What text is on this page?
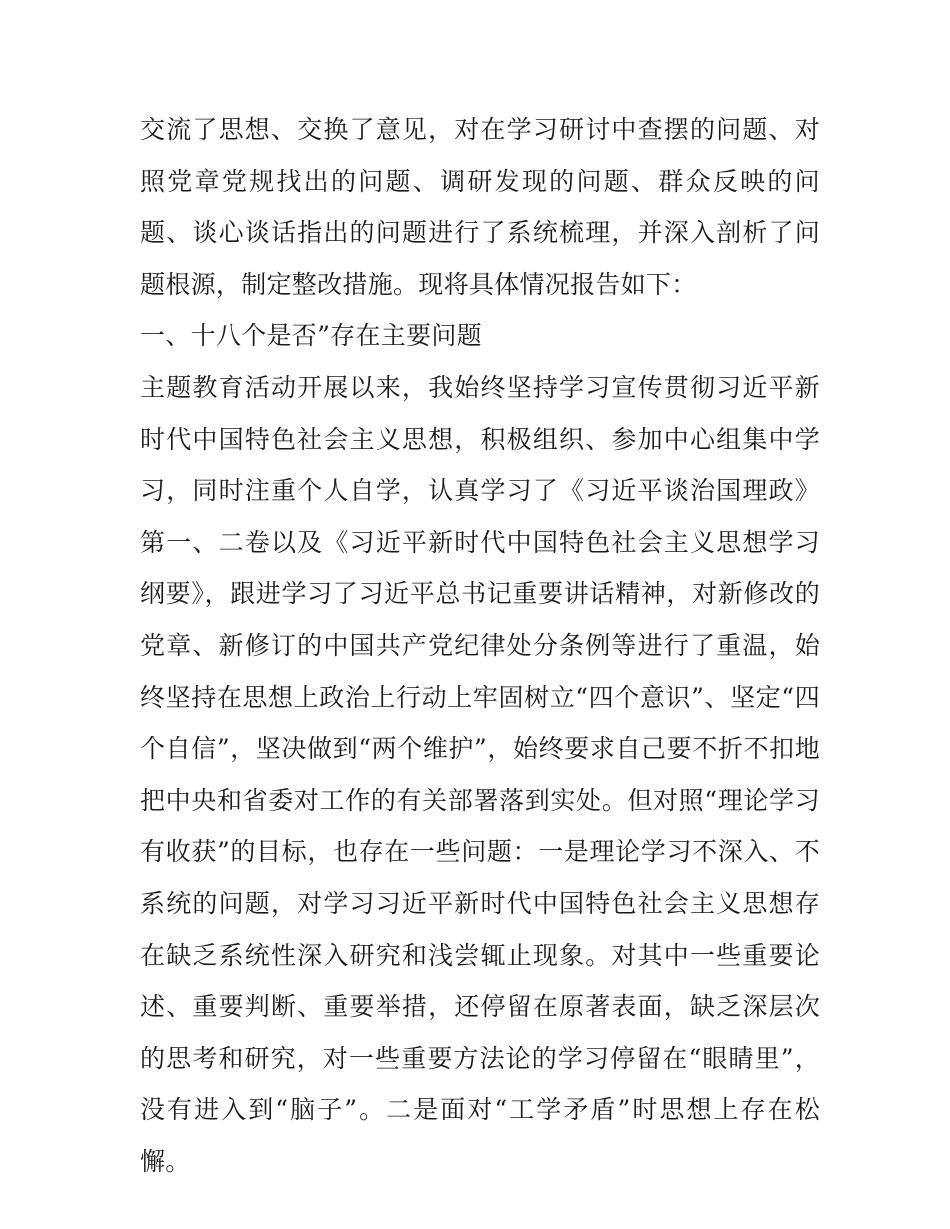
交流了思想、交换了意见，对在学习研讨中查摆的问题、对照党章党规找出的问题、调研发现的问题、群众反映的问题、谈心谈话指出的问题进行了系统梳理，并深入剖析了问题根源，制定整改措施。现将具体情况报告如下：

一、十八个是否”存在主要问题

主题教育活动开展以来，我始终坚持学习宣传贯彻习近平新时代中国特色社会主义思想，积极组织、参加中心组集中学习，同时注重个人自学，认真学习了《习近平谈治国理政》第一、二卷以及《习近平新时代中国特色社会主义思想学习纲要》，跟进学习了习近平总书记重要讲话精神，对新修改的党章、新修订的中国共产党纪律处分条例等进行了重温，始终坚持在思想上政治上行动上牢固树立“四个意识”、坚定“四个自信”，坚决做到“两个维护”，始终要求自己要不折不扣地把中央和省委对工作的有关部署落到实处。但对照“理论学习有收获”的目标，也存在一些问题：一是理论学习不深入、不系统的问题，对学习习近平新时代中国特色社会主义思想存在缺乏系统性深入研究和浅尝辄止现象。对其中一些重要论述、重要判断、重要举措，还停留在原著表面，缺乏深层次的思考和研究，对一些重要方法论的学习停留在“眼睛里”，没有进入到“脑子”。二是面对“工学矛盾”时思想上存在松懈。
